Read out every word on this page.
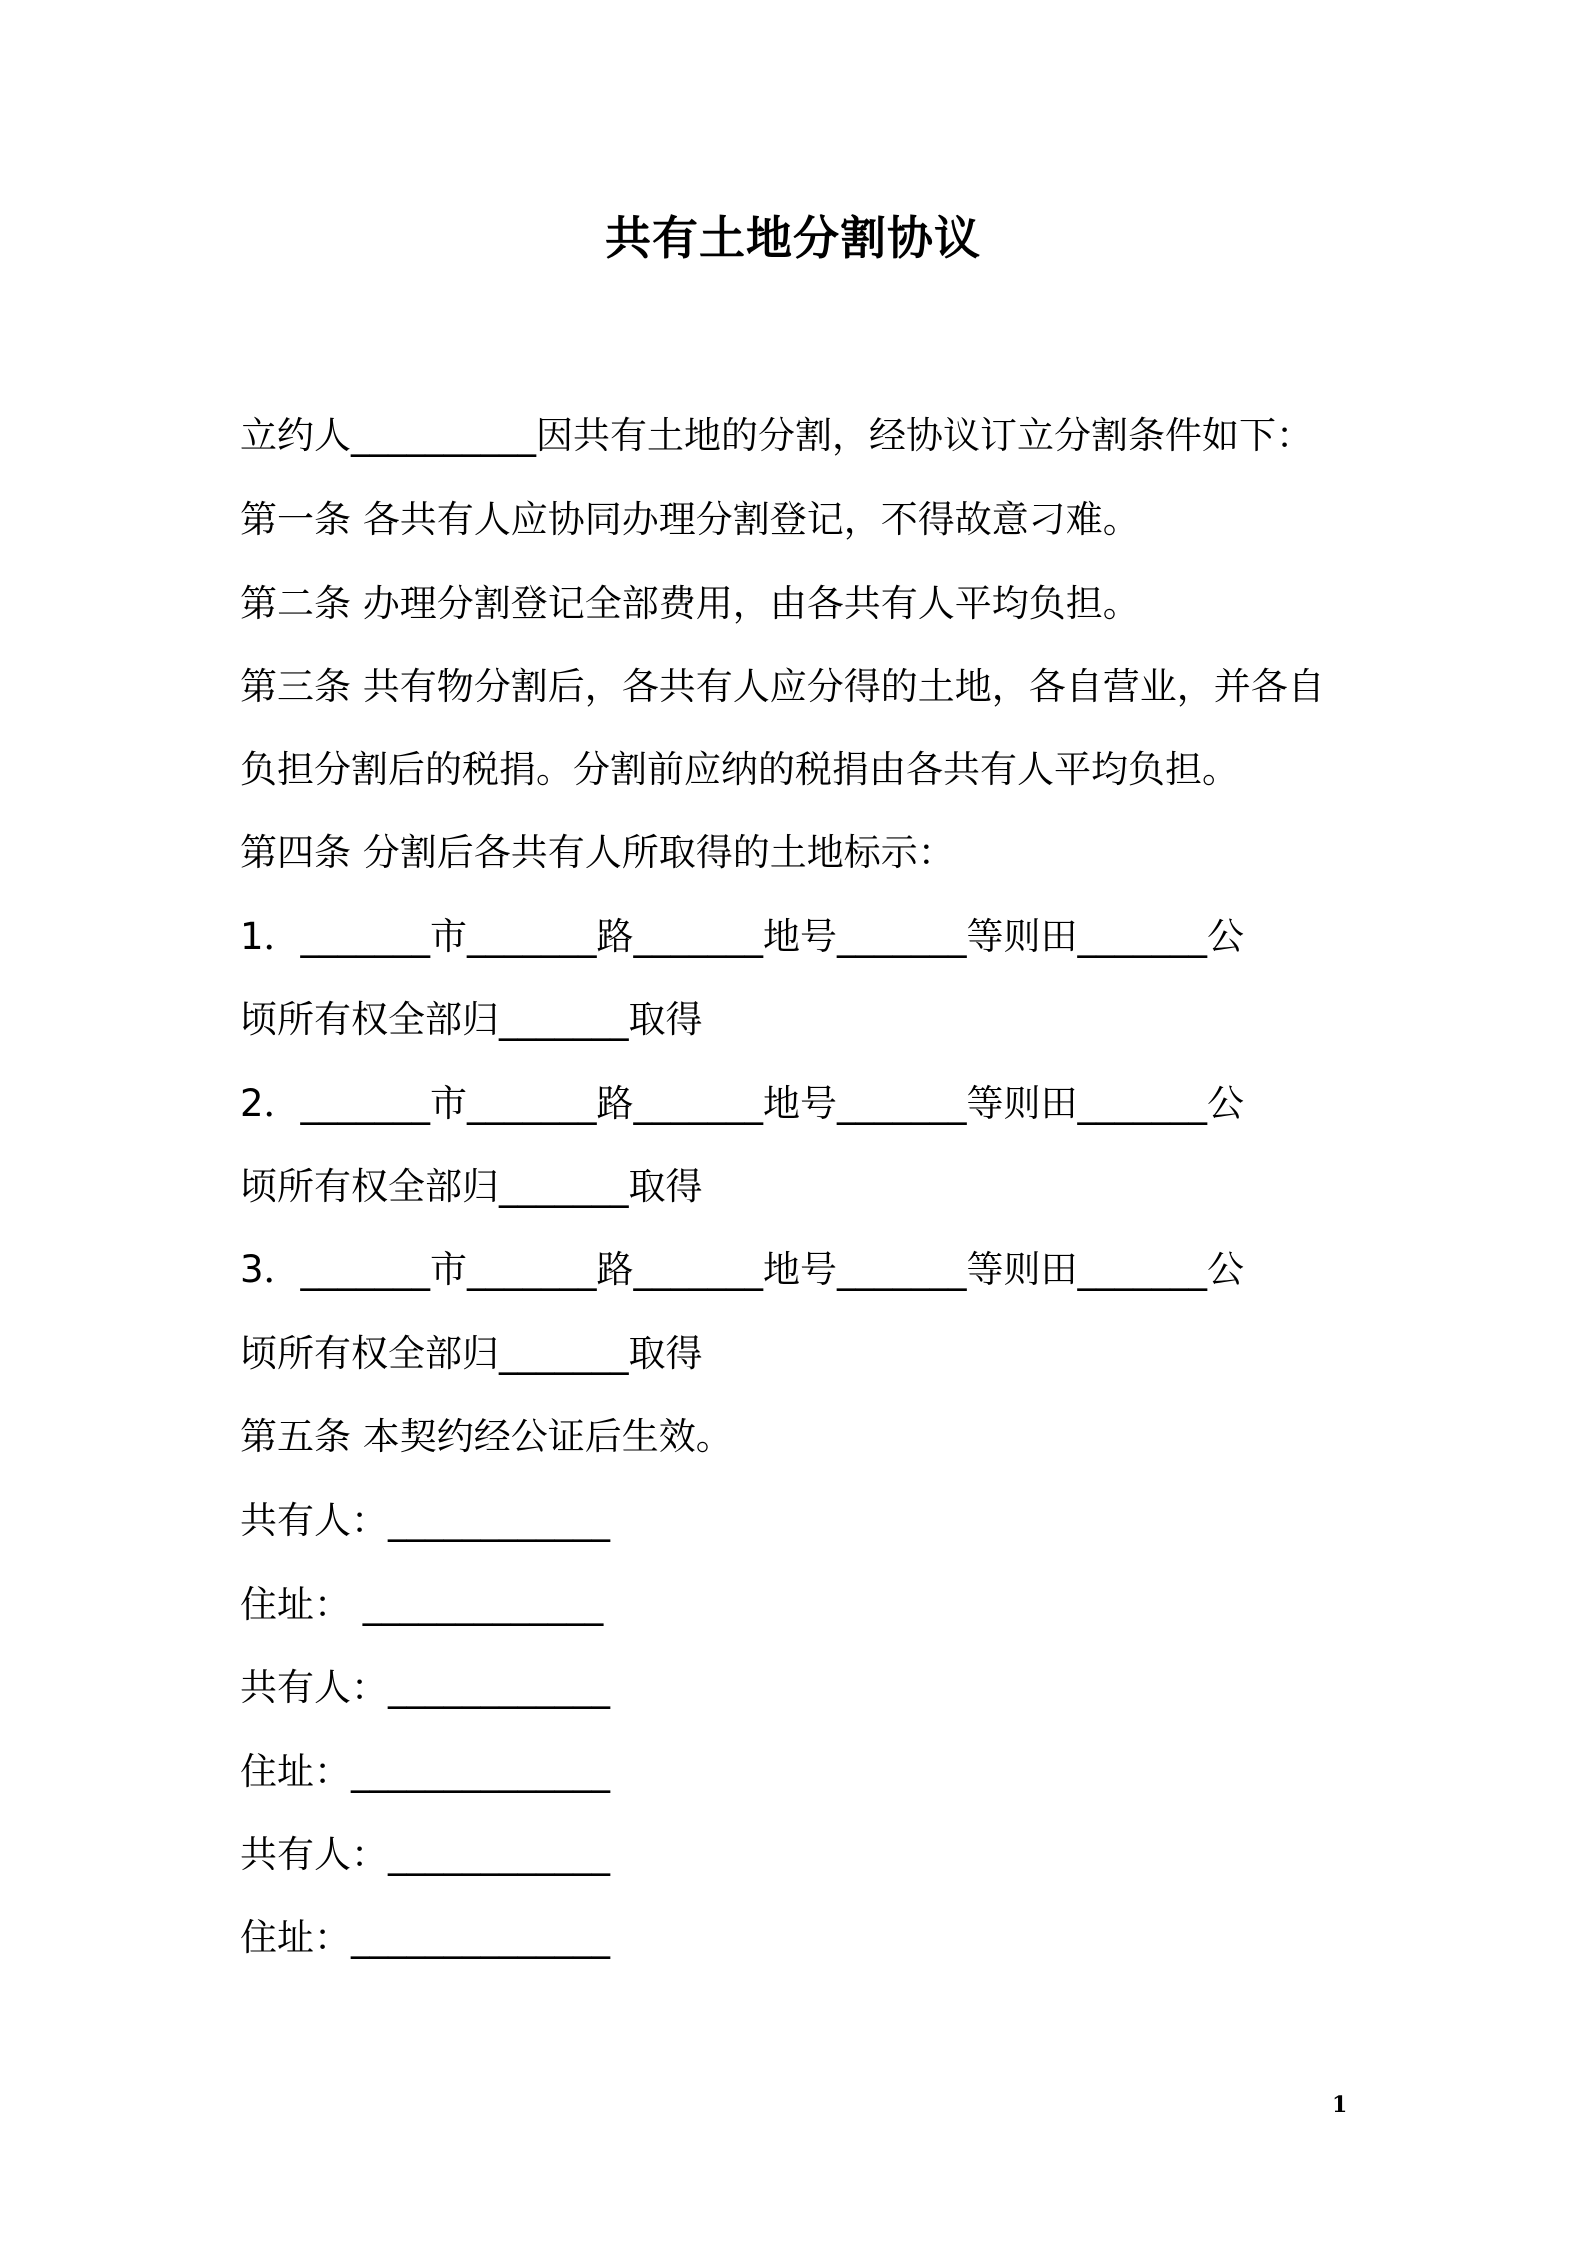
共有土地分割协议
立约人__________因共有土地的分割，经协议订立分割条件如下：
第一条 各共有人应协同办理分割登记，不得故意刁难。
第二条 办理分割登记全部费用，由各共有人平均负担。
第三条 共有物分割后，各共有人应分得的土地，各自营业，并各自
负担分割后的税捐。分割前应纳的税捐由各共有人平均负担。
第四条 分割后各共有人所取得的土地标示：
1．_______市_______路_______地号_______等则田_______公
顷所有权全部归_______取得
2．_______市_______路_______地号_______等则田_______公
顷所有权全部归_______取得
3．_______市_______路_______地号_______等则田_______公
顷所有权全部归_______取得
第五条 本契约经公证后生效。
共有人：____________
住址： _____________
共有人：____________
住址：______________
共有人：____________
住址：______________
1
